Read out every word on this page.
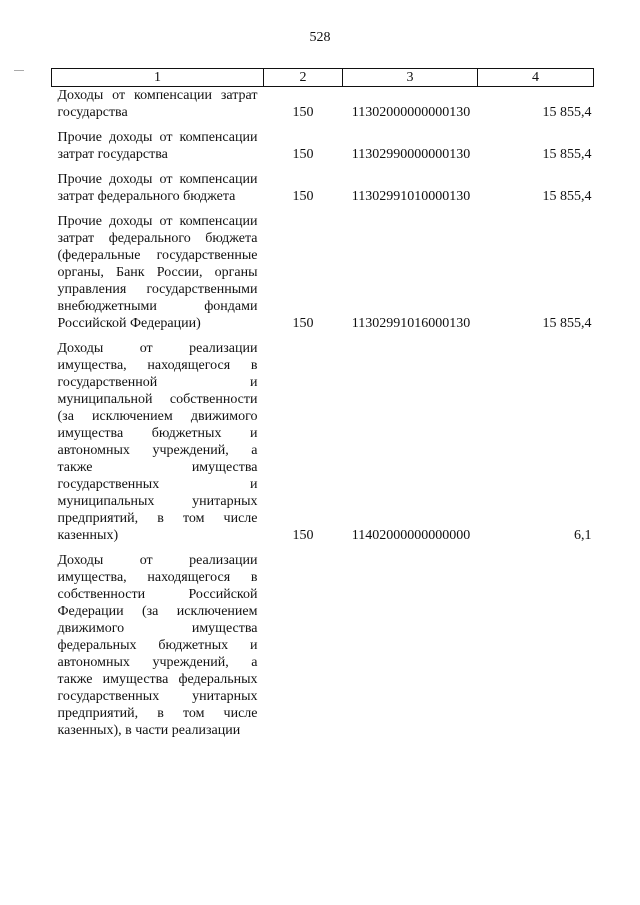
528
1	2	3	4
Доходы от компенсации затрат государства	150	11302000000000130	15 855,4
Прочие доходы от компенсации затрат государства	150	11302990000000130	15 855,4
Прочие доходы от компенсации затрат федерального бюджета	150	11302991010000130	15 855,4
Прочие доходы от компенсации затрат федерального бюджета (федеральные государственные органы, Банк России, органы управления государственными внебюджетными фондами Российской Федерации)	150	11302991016000130	15 855,4
Доходы от реализации имущества, находящегося в государственной и муниципальной собственности (за исключением движимого имущества бюджетных и автономных учреждений, а также имущества государственных и муниципальных унитарных предприятий, в том числе казенных)	150	11402000000000000	6,1
Доходы от реализации имущества, находящегося в собственности Российской Федерации (за исключением движимого имущества федеральных бюджетных и автономных учреждений, а также имущества федеральных государственных унитарных предприятий, в том числе казенных), в части реализации			
